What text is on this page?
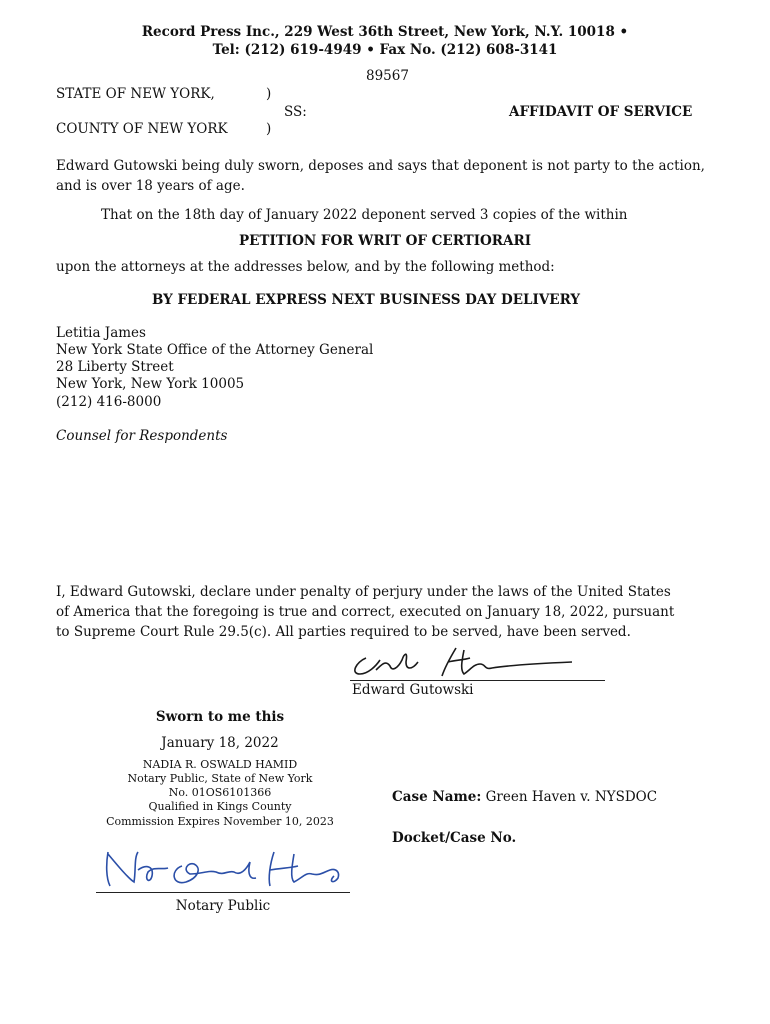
Record Press Inc., 229 West 36th Street, New York, N.Y. 10018 •
Tel: (212) 619-4949 • Fax No. (212) 608-3141
89567
STATE OF NEW YORK,	)
SS:	AFFIDAVIT OF SERVICE
COUNTY OF NEW YORK	)
Edward Gutowski being duly sworn, deposes and says that deponent is not party to the action, and is over 18 years of age.
That on the 18th day of January 2022 deponent served 3 copies of the within
PETITION FOR WRIT OF CERTIORARI
upon the attorneys at the addresses below, and by the following method:
BY FEDERAL EXPRESS NEXT BUSINESS DAY DELIVERY
Letitia James
New York State Office of the Attorney General
28 Liberty Street
New York, New York 10005
(212) 416-8000
Counsel for Respondents
I, Edward Gutowski, declare under penalty of perjury under the laws of the United States of America that the foregoing is true and correct, executed on January 18, 2022, pursuant to Supreme Court Rule 29.5(c). All parties required to be served, have been served.
Edward Gutowski
Sworn to me this
January 18, 2022
NADIA R. OSWALD HAMID
Notary Public, State of New York
No. 01OS6101366
Qualified in Kings County
Commission Expires November 10, 2023
Notary Public
Case Name: Green Haven v. NYSDOC
Docket/Case No.
